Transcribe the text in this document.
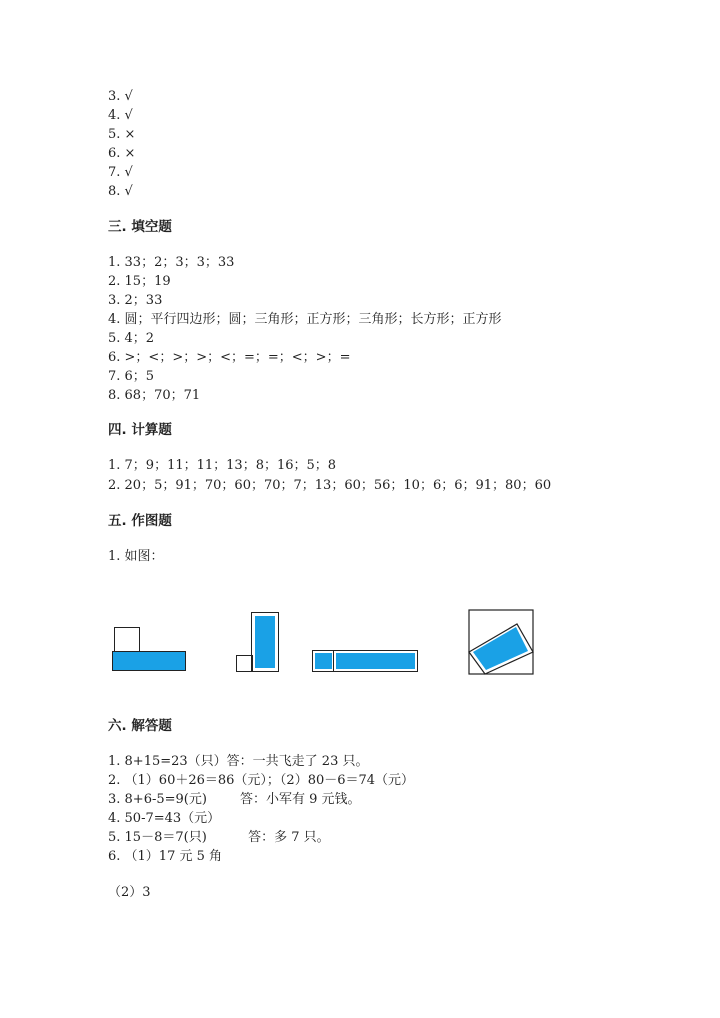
3. √
4. √
5. ×
6. ×
7. √
8. √
三. 填空题
1. 33；2；3；3；33
2. 15；19
3. 2；33
4. 圆；平行四边形；圆；三角形；正方形；三角形；长方形；正方形
5. 4；2
6. >；<；>；>；<；=；=；<；>；=
7. 6；5
8. 68；70；71
四. 计算题
1. 7；9；11；11；13；8；16；5；8
2. 20；5；91；70；60；70；7；13；60；56；10；6；6；91；80；60
五. 作图题
1. 如图：
六. 解答题
1. 8+15=23（只）答：一共飞走了 23 只。
2. （1）60＋26＝86（元）；（2）80－6＝74（元）
3. 8+6-5=9(元)        答：小军有 9 元钱。
4. 50-7=43（元）
5. 15－8＝7(只)          答：多 7 只。
6. （1）17 元 5 角
（2）3
